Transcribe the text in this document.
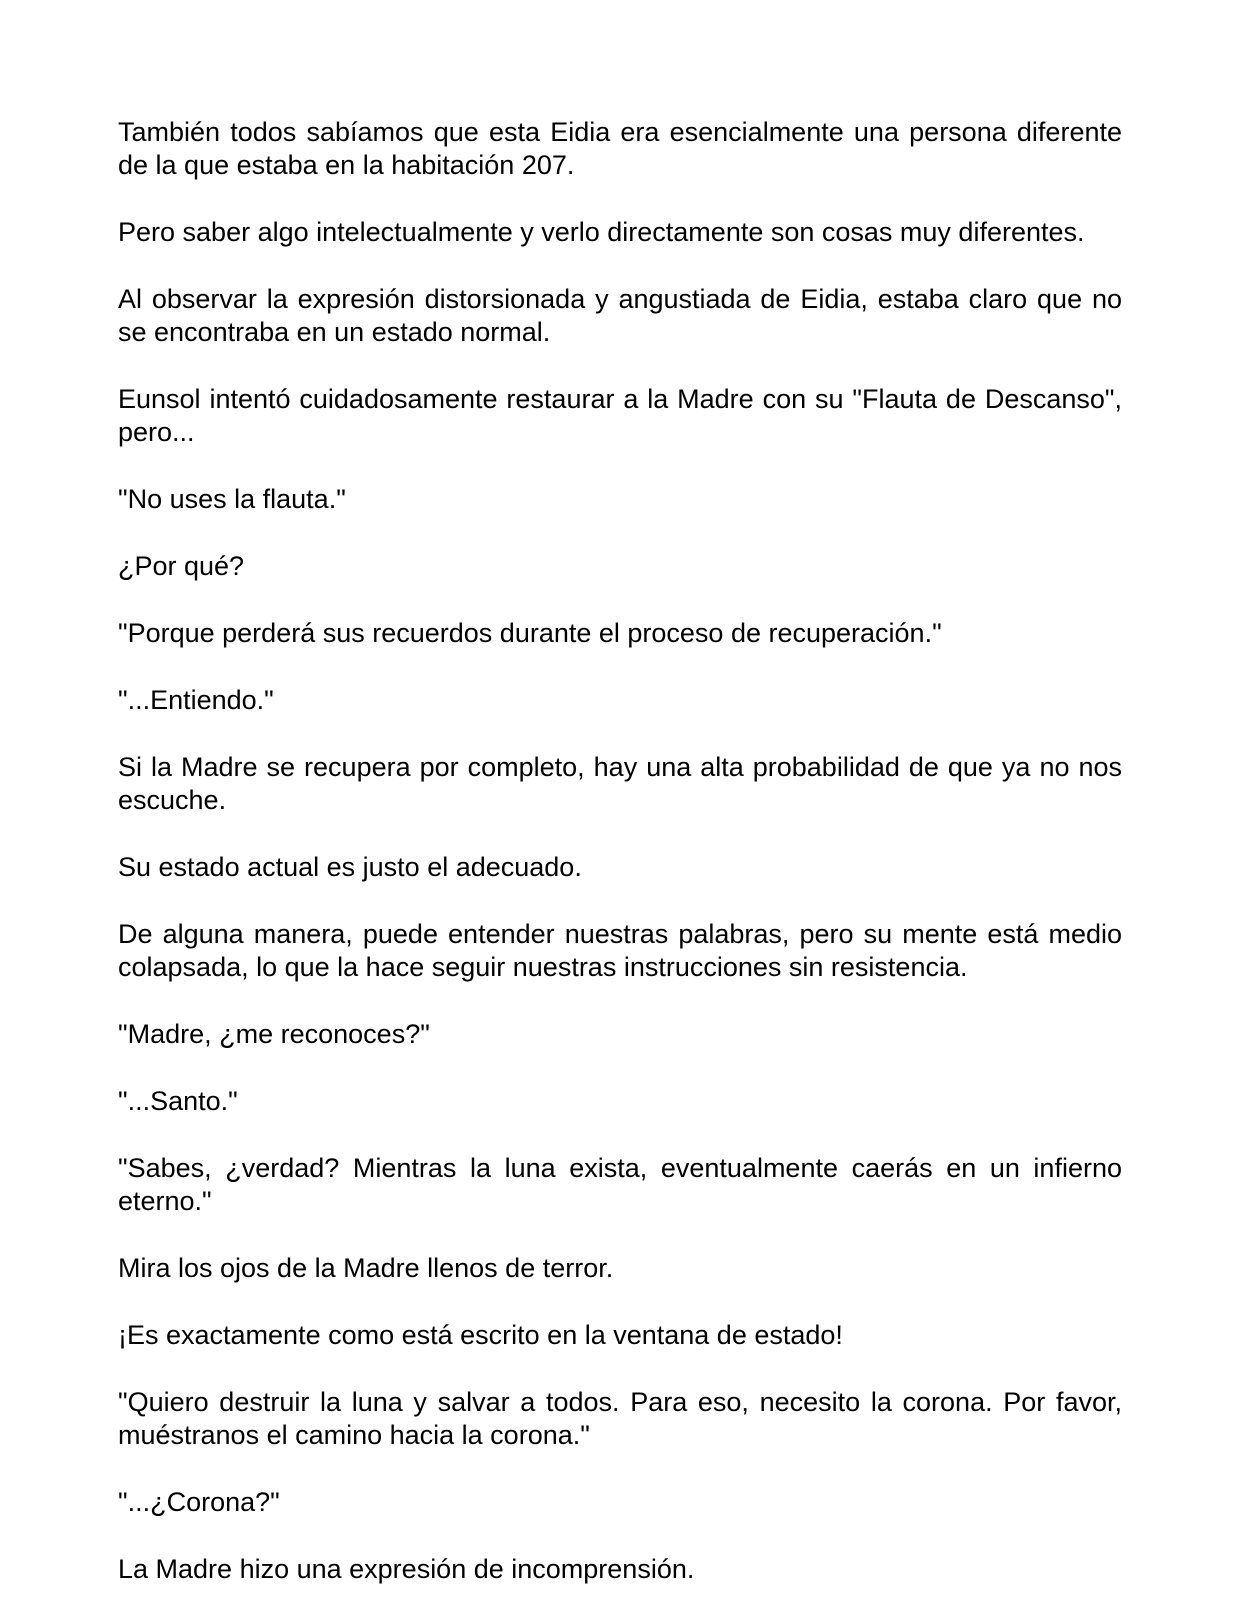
También todos sabíamos que esta Eidia era esencialmente una persona diferente de la que estaba en la habitación 207.

Pero saber algo intelectualmente y verlo directamente son cosas muy diferentes.

Al observar la expresión distorsionada y angustiada de Eidia, estaba claro que no se encontraba en un estado normal.

Eunsol intentó cuidadosamente restaurar a la Madre con su "Flauta de Descanso", pero...

"No uses la flauta."

¿Por qué?

"Porque perderá sus recuerdos durante el proceso de recuperación."

"...Entiendo."

Si la Madre se recupera por completo, hay una alta probabilidad de que ya no nos escuche.

Su estado actual es justo el adecuado.

De alguna manera, puede entender nuestras palabras, pero su mente está medio colapsada, lo que la hace seguir nuestras instrucciones sin resistencia.

"Madre, ¿me reconoces?"

"...Santo."

"Sabes, ¿verdad? Mientras la luna exista, eventualmente caerás en un infierno eterno."

Mira los ojos de la Madre llenos de terror.

¡Es exactamente como está escrito en la ventana de estado!

"Quiero destruir la luna y salvar a todos. Para eso, necesito la corona. Por favor, muéstranos el camino hacia la corona."

"...¿Corona?"

La Madre hizo una expresión de incomprensión.
